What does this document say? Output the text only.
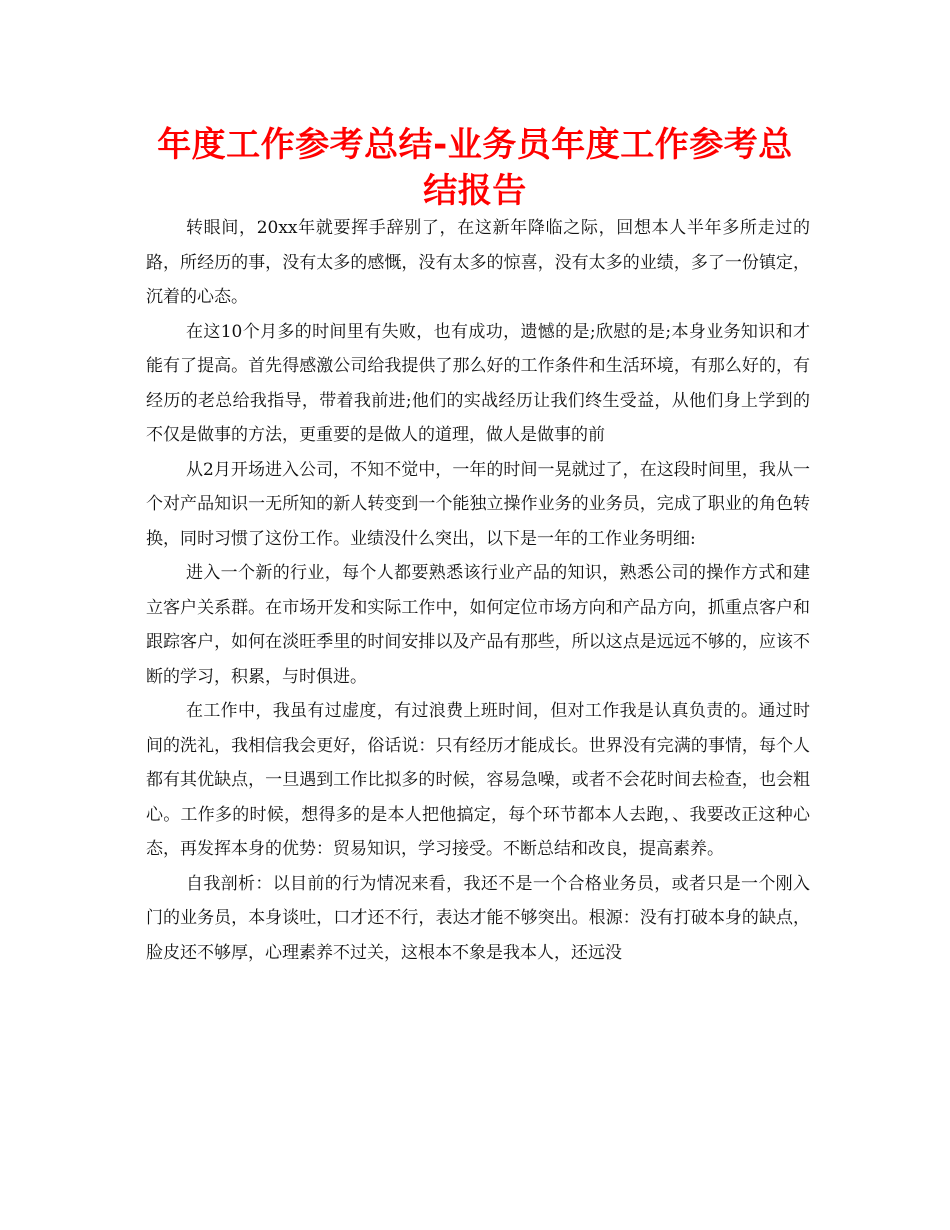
年度工作参考总结-业务员年度工作参考总结报告

转眼间，20xx年就要挥手辞别了，在这新年降临之际，回想本人半年多所走过的路，所经历的事，没有太多的感慨，没有太多的惊喜，没有太多的业绩，多了一份镇定，沉着的心态。

在这10个月多的时间里有失败，也有成功，遗憾的是;欣慰的是;本身业务知识和才能有了提高。首先得感激公司给我提供了那么好的工作条件和生活环境，有那么好的，有经历的老总给我指导，带着我前进;他们的实战经历让我们终生受益，从他们身上学到的不仅是做事的方法，更重要的是做人的道理，做人是做事的前

从2月开场进入公司，不知不觉中，一年的时间一晃就过了，在这段时间里，我从一个对产品知识一无所知的新人转变到一个能独立操作业务的业务员，完成了职业的角色转换，同时习惯了这份工作。业绩没什么突出，以下是一年的工作业务明细:

进入一个新的行业，每个人都要熟悉该行业产品的知识，熟悉公司的操作方式和建立客户关系群。在市场开发和实际工作中，如何定位市场方向和产品方向，抓重点客户和跟踪客户，如何在淡旺季里的时间安排以及产品有那些，所以这点是远远不够的，应该不断的学习，积累，与时俱进。

在工作中，我虽有过虚度，有过浪费上班时间，但对工作我是认真负责的。通过时间的洗礼，我相信我会更好，俗话说：只有经历才能成长。世界没有完满的事情，每个人都有其优缺点，一旦遇到工作比拟多的时候，容易急噪，或者不会花时间去检查，也会粗心。工作多的时候，想得多的是本人把他搞定，每个环节都本人去跑，、我要改正这种心态，再发挥本身的优势：贸易知识，学习接受。不断总结和改良，提高素养。

自我剖析：以目前的行为情况来看，我还不是一个合格业务员，或者只是一个刚入门的业务员，本身谈吐，口才还不行，表达才能不够突出。根源：没有打破本身的缺点，脸皮还不够厚，心理素养不过关，这根本不象是我本人，还远没
